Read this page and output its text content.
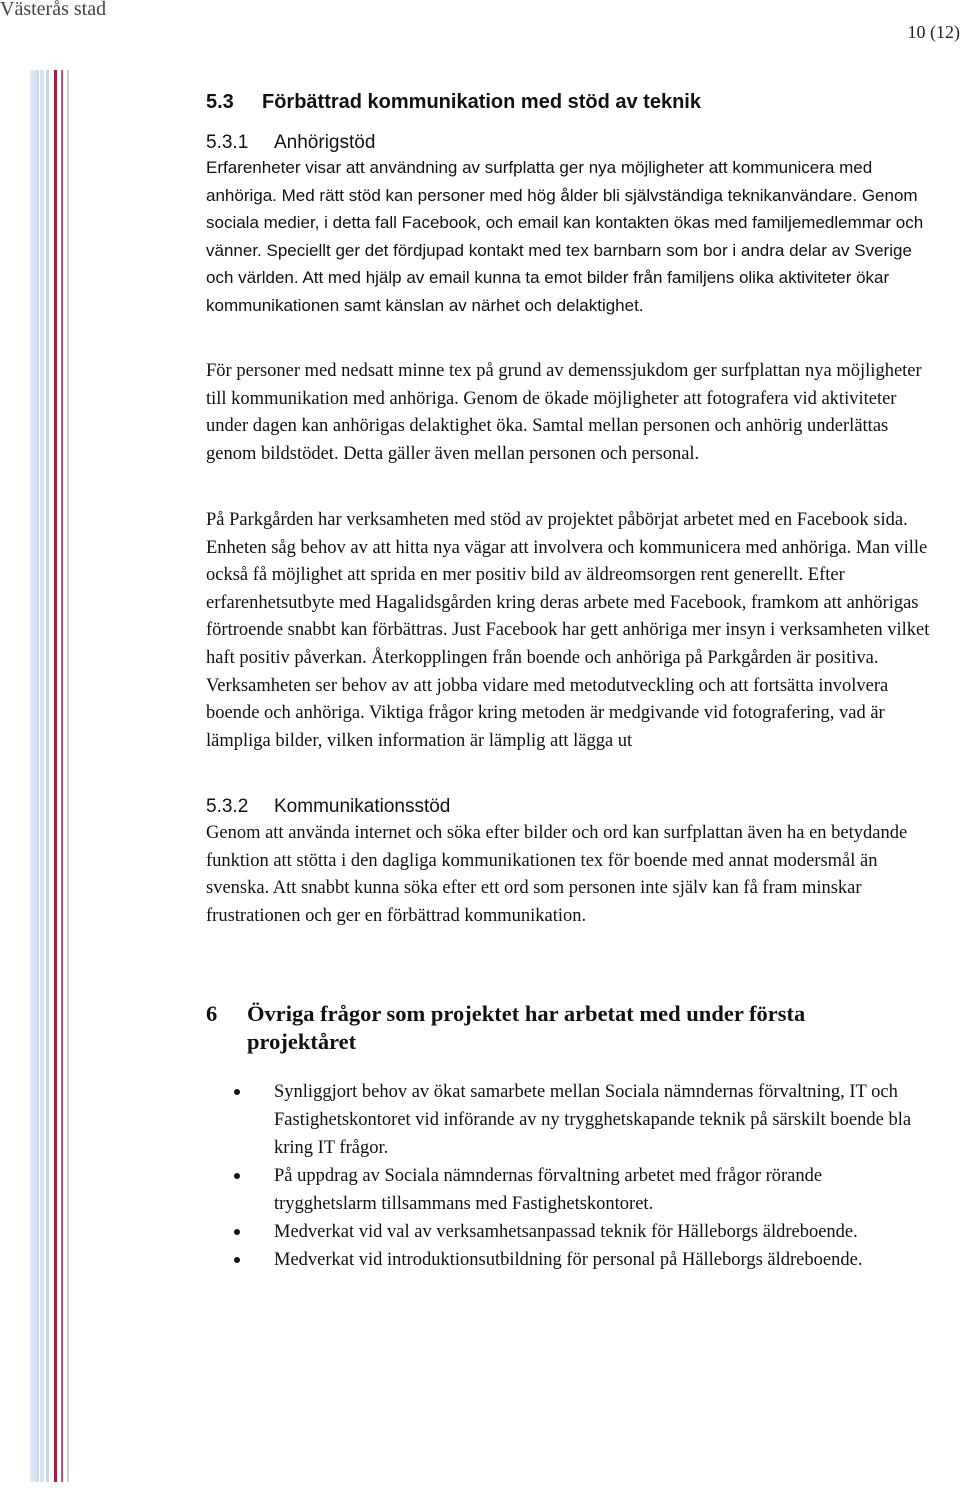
Västerås stad
10 (12)
5.3 Förbättrad kommunikation med stöd av teknik
5.3.1 Anhörigstöd
Erfarenheter visar att användning av surfplatta ger nya möjligheter att kommunicera med anhöriga. Med rätt stöd kan personer med hög ålder bli självständiga teknikanvändare. Genom sociala medier, i detta fall Facebook, och email kan kontakten ökas med familjemedlemmar och vänner. Speciellt ger det fördjupad kontakt med tex barnbarn som bor i andra delar av Sverige och världen. Att med hjälp av email kunna ta emot bilder från familjens olika aktiviteter ökar kommunikationen samt känslan av närhet och delaktighet.
För personer med nedsatt minne tex på grund av demenssjukdom ger surfplattan nya möjligheter till kommunikation med anhöriga. Genom de ökade möjligheter att fotografera vid aktiviteter under dagen kan anhörigas delaktighet öka. Samtal mellan personen och anhörig underlättas genom bildstödet. Detta gäller även mellan personen och personal.
På Parkgården har verksamheten med stöd av projektet påbörjat arbetet med en Facebook sida. Enheten såg behov av att hitta nya vägar att involvera och kommunicera med anhöriga. Man ville också få möjlighet att sprida en mer positiv bild av äldreomsorgen rent generellt. Efter erfarenhetsutbyte med Hagalidsgården kring deras arbete med Facebook, framkom att anhörigas förtroende snabbt kan förbättras. Just Facebook har gett anhöriga mer insyn i verksamheten vilket haft positiv påverkan. Återkopplingen från boende och anhöriga på Parkgården är positiva. Verksamheten ser behov av att jobba vidare med metodutveckling och att fortsätta involvera boende och anhöriga. Viktiga frågor kring metoden är medgivande vid fotografering, vad är lämpliga bilder, vilken information är lämplig att lägga ut
5.3.2 Kommunikationsstöd
Genom att använda internet och söka efter bilder och ord kan surfplattan även ha en betydande funktion att stötta i den dagliga kommunikationen tex för boende med annat modersmål än svenska. Att snabbt kunna söka efter ett ord som personen inte själv kan få fram minskar frustrationen och ger en förbättrad kommunikation.
6	Övriga frågor som projektet har arbetat med under första projektåret
Synliggjort behov av ökat samarbete mellan Sociala nämndernas förvaltning, IT och Fastighetskontoret vid införande av ny trygghetskapande teknik på särskilt boende bla kring IT frågor.
På uppdrag av Sociala nämndernas förvaltning arbetet med frågor rörande trygghetslarm tillsammans med Fastighetskontoret.
Medverkat vid val av verksamhetsanpassad teknik för Hälleborgs äldreboende.
Medverkat vid introduktionsutbildning för personal på Hälleborgs äldreboende.
